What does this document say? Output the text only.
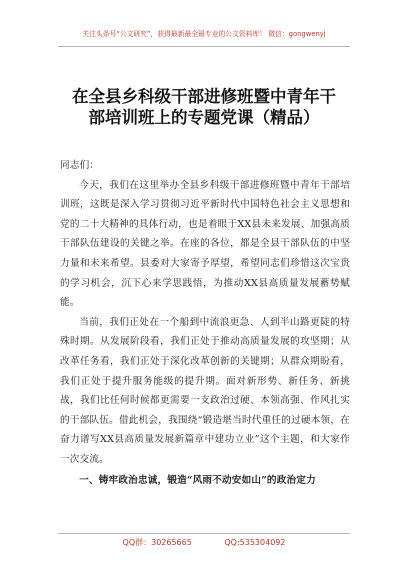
关注头条号“公文研究”，获得最新最全最专业的公文资料库！ 微信：gongwenyj
在全县乡科级干部进修班暨中青年干
部培训班上的专题党课（精品）

同志们：

今天，我们在这里举办全县乡科级干部进修班暨中青年干部培训班，这既是深入学习贯彻习近平新时代中国特色社会主义思想和党的二十大精神的具体行动，也是着眼于XX县未来发展、加强高质干部队伍建设的关键之举。在座的各位，都是全县干部队伍的中坚力量和未来希望。县委对大家寄予厚望，希望同志们珍惜这次宝贵的学习机会，沉下心来学思践悟，为推动XX县高质量发展蓄势赋能。

当前，我们正处在一个船到中流浪更急、人到半山路更陡的特殊时期。从发展阶段看，我们正处于推动高质量发展的攻坚期；从改革任务看，我们正处于深化改革创新的关键期；从群众期盼看，我们正处于提升服务能级的提升期。面对新形势、新任务、新挑战，我们比任何时候都更需要一支政治过硬、本领高强、作风扎实的干部队伍。借此机会，我围绕“锻造堪当时代重任的过硬本领，在奋力谱写XX县高质量发展新篇章中建功立业”这个主题，和大家作一次交流。

一、铸牢政治忠诚，锻造“风雨不动安如山”的政治定力

QQ群：30265665	QQ:535304092
